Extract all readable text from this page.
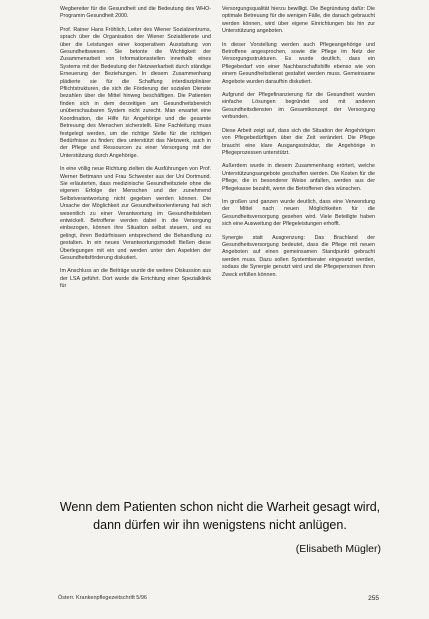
Wegbereiter für die Gesundheit und die Bedeutung des WHO-Programm Gesundheit 2000.

Prof. Rainer Hans Fröhlich, Leiter des Wiener Sozialzentrums, sprach über die Organisation der Wiener Sozialdienste und über die Leistungen einer kooperativen Ausstattung von Gesundheitswesen. Sie betonte die Wichtigkeit der Zusammenarbeit von Informationsstellen innerhalb eines Systems mit der Bedeutung der Netzwerkarbeit durch ständige Erneuerung der Beziehungen. In diesem Zusammenhang plädierte sie für die Schaffung interdisziplinärer Pflichtstrukturen, die sich die Förderung der sozialen Dienste bezahlen über die Mittel hinweg beschäftigen. Die Patienten finden sich in dem derzeitigen am Gesundheitsbereich unüberschaubaren System nicht zurecht. Man erwartet eine Koordination, die Hilfe für Angehörige und die gesamte Betreuung des Menschen sicherstellt. Eine Fachleitung muss festgelegt werden, um die richtige Stelle für die richtigen Bedürfnisse zu finden; dies unterstützt das Netzwerk, auch in der Pflege und Ressourcen zu einer Versorgung mit der Unterstützung durch Angehörige.

In eine völlig neue Richtung zielten die Ausführungen von Prof. Werner Bettmann und Frau Schwester aus der Uni Dortmund. Sie erläuterten, dass medizinische Gesundheitsziele ohne die eigenen Erfolge der Menschen und der zunehmend Selbstverantwortung nicht gegeben werden können. Die Ursache der Möglichkeit zur Gesundheitsorientierung hat sich wesentlich zu einer Verantwortung im Gesundheitsleben entwickelt. Betroffene werden dabei in die Versorgung einbezogen, können ihre Situation selbst steuern, und es gelingt, ihren Bedürfnissen entsprechend die Behandlung zu gestalten. In ein neues Verantwortungsmodell fließen diese Überlegungen mit ein und werden unter den Aspekten der Gesundheitsförderung diskutiert.

Im Anschluss an die Beiträge wurde die weitere Diskussion aus der LSA geführt. Dort wurde die Errichtung einer Spezialklinik für

Versorgungsqualität hierzu bewilligt. Die Begründung dafür: Die optimale Betreuung für die wenigen Fälle, die danach gebraucht werden können, wird über eigene Einrichtungen bis hin zur Unterstützung angeboten.

In dieser Vorstellung werden auch Pflegeangehörige und Betroffene angesprochen, sowie die Pflege im Netz der Versorgungsstrukturen. Es wurde deutlich, dass ein Pflegebedarf von einer Nachbarschaftshilfe ebenso wie von einem Gesundheitsdienst gestaltet werden muss. Gemeinsame Angebote wurden daraufhin diskutiert.

Aufgrund der Pflegefinanzierung für die Gesundheit wurden einfache Lösungen begründet und mit anderen Gesundheitsdiensten im Gesamtkonzept der Versorgung verbunden.

Diese Arbeit zeigt auf, dass sich die Situation der Angehörigen von Pflegebedürftigen über die Zeit verändert. Die Pflege braucht eine klare Ausgangsstruktur, die Angehörige in Pflegeprozessen unterstützt.

Außerdem wurde in diesem Zusammenhang erörtert, welche Unterstützungsangebote geschaffen werden. Die Kosten für die Pflege, die in besonderer Weise anfallen, werden aus der Pflegekasse bezahlt, wenn die Betroffenen dies wünschen.

Im großen und ganzen wurde deutlich, dass eine Verwendung der Mittel nach neuen Möglichkeiten für die Gesundheitsversorgung gesehen wird. Viele Beteiligte haben sich eine Ausweitung der Pflegeleistungen erhofft.

Synergie statt Ausgrenzung: Das Brachland der Gesundheitsversorgung bedeutet, dass die Pflege mit neuen Angeboten auf einen gemeinsamen Standpunkt gebracht werden muss. Dazu sollen Systemberater eingesetzt werden, sodass die Synergie genutzt wird und die Pflegepersonen ihren Zweck erfüllen können.

Wenn dem Patienten schon nicht die Warheit gesagt wird,
dann dürfen wir ihn wenigstens nicht anlügen.
(Elisabeth Mügler)
Österr. Krankenpflegezeitschrift 5/96	255
